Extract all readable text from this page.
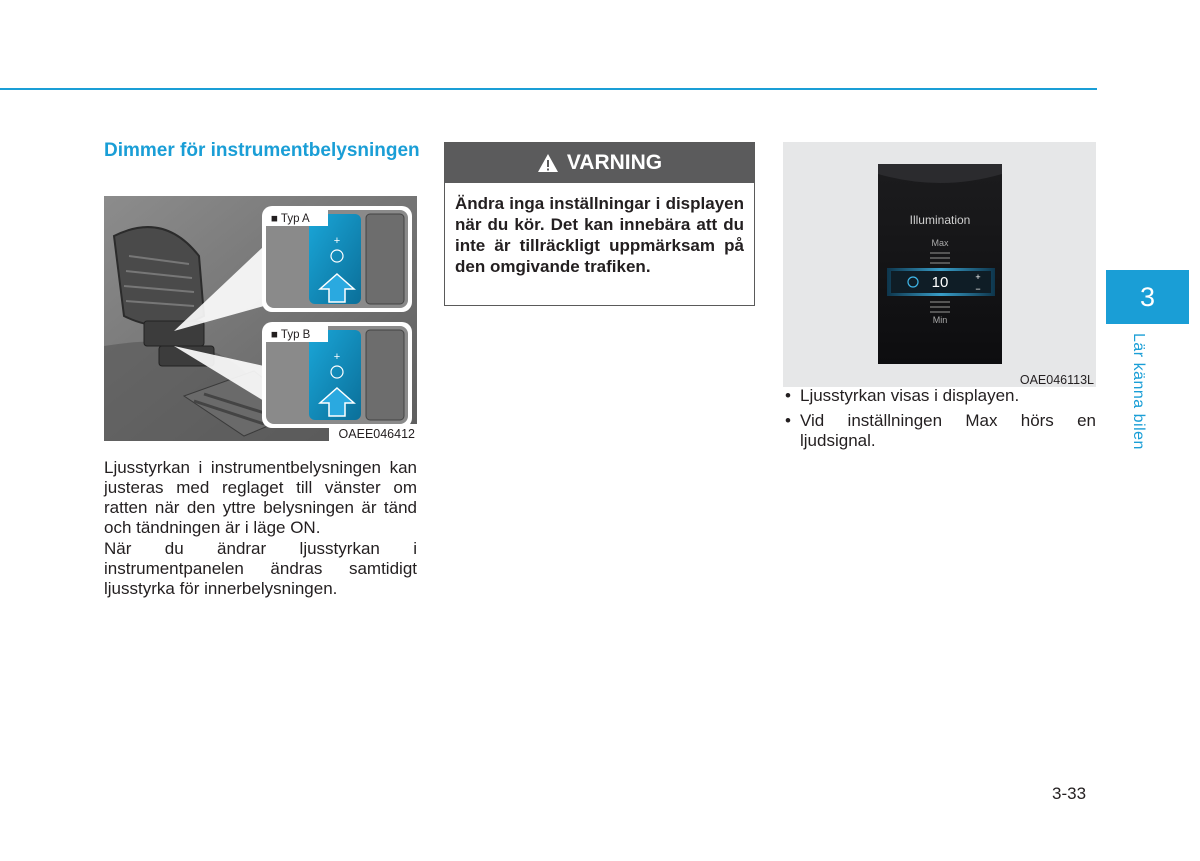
Dimmer för instrumentbelysningen
+
+
■ Typ A
■ Typ B
OAEE046412
Ljusstyrkan i instrumentbelysningen kan justeras med reglaget till vänster om ratten när den yttre belysningen är tänd och tändningen är i läge ON.
När du ändrar ljusstyrkan i instrumentpanelen ändras samtidigt ljusstyrka för innerbelysningen.
VARNING
Ändra inga inställningar i displayen när du kör. Det kan innebära att du inte är tillräckligt uppmärksam på den omgivande trafiken.
Illumination
Max
10	+
−
Min
OAE046113L
• Ljusstyrkan visas i displayen.
• Vid inställningen Max hörs en ljudsignal.
3
Lär känna bilen
3-33
